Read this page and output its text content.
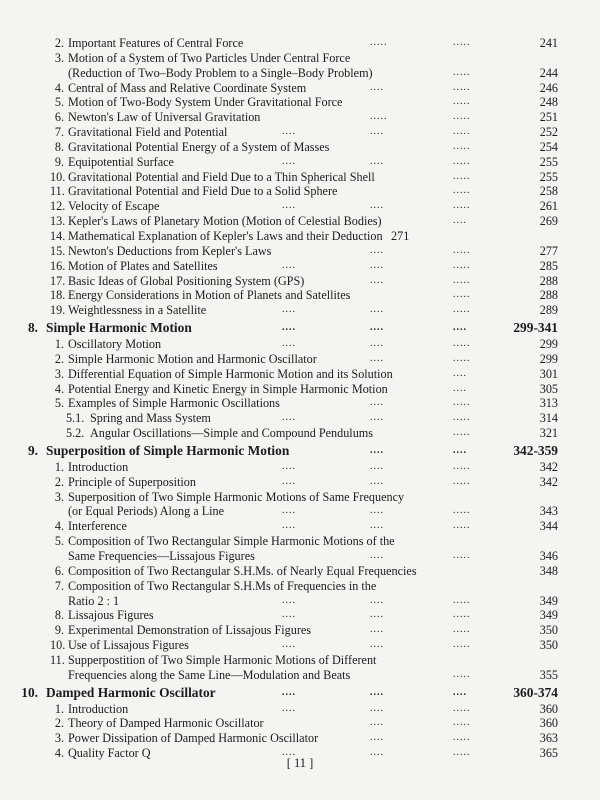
2. Important Features of Central Force	.....	.....	241
3. Motion of a System of Two Particles Under Central Force
(Reduction of Two–Body Problem to a Single–Body Problem)	.....	244
4. Central of Mass and Relative Coordinate System	....	.....	246
5. Motion of Two-Body System Under Gravitational Force	.....	248
6. Newton's Law of Universal Gravitation	.....	.....	251
7. Gravitational Field and Potential	....	....	.....	252
8. Gravitational Potential Energy of a System of Masses	.....	254
9. Equipotential Surface	....	....	.....	255
10. Gravitational Potential and Field Due to a Thin Spherical Shell	.....	255
11. Gravitational Potential and Field Due to a Solid Sphere	.....	258
12. Velocity of Escape	....	....	.....	261
13. Kepler's Laws of Planetary Motion (Motion of Celestial Bodies)	....	269
14. Mathematical Explanation of Kepler's Laws and their Deduction 271
15. Newton's Deductions from Kepler's Laws	....	.....	277
16. Motion of Plates and Satellites	....	....	.....	285
17. Basic Ideas of Global Positioning System (GPS)	....	.....	288
18. Energy Considerations in Motion of Planets and Satellites	.....	288
19. Weightlessness in a Satellite	....	....	.....	289
8. Simple Harmonic Motion	....	....	....	299-341
1. Oscillatory Motion	....	....	.....	299
2. Simple Harmonic Motion and Harmonic Oscillator	....	.....	299
3. Differential Equation of Simple Harmonic Motion and its Solution	....	301
4. Potential Energy and Kinetic Energy in Simple Harmonic Motion	....	305
5. Examples of Simple Harmonic Oscillations	....	.....	313
5.1. Spring and Mass System	....	....	.....	314
5.2. Angular Oscillations—Simple and Compound Pendulums	.....	321
9. Superposition of Simple Harmonic Motion	....	....	342-359
1. Introduction	....	....	.....	342
2. Principle of Superposition	....	....	.....	342
3. Superposition of Two Simple Harmonic Motions of Same Frequency
(or Equal Periods) Along a Line	....	....	.....	343
4. Interference	....	....	.....	344
5. Composition of Two Rectangular Simple Harmonic Motions of the
Same Frequencies—Lissajous Figures	....	.....	346
6. Composition of Two Rectangular S.H.Ms. of Nearly Equal Frequencies	348
7. Composition of Two Rectangular S.H.Ms of Frequencies in the
Ratio 2 : 1	....	....	.....	349
8. Lissajous Figures	....	....	.....	349
9. Experimental Demonstration of Lissajous Figures	....	.....	350
10. Use of Lissajous Figures	....	....	.....	350
11. Supperpostition of Two Simple Harmonic Motions of Different
Frequencies along the Same Line—Modulation and Beats	.....	355
10. Damped Harmonic Oscillator	....	....	....	360-374
1. Introduction	....	....	.....	360
2. Theory of Damped Harmonic Oscillator	....	.....	360
3. Power Dissipation of Damped Harmonic Oscillator	....	.....	363
4. Quality Factor Q	....	....	.....	365
[ 11 ]
